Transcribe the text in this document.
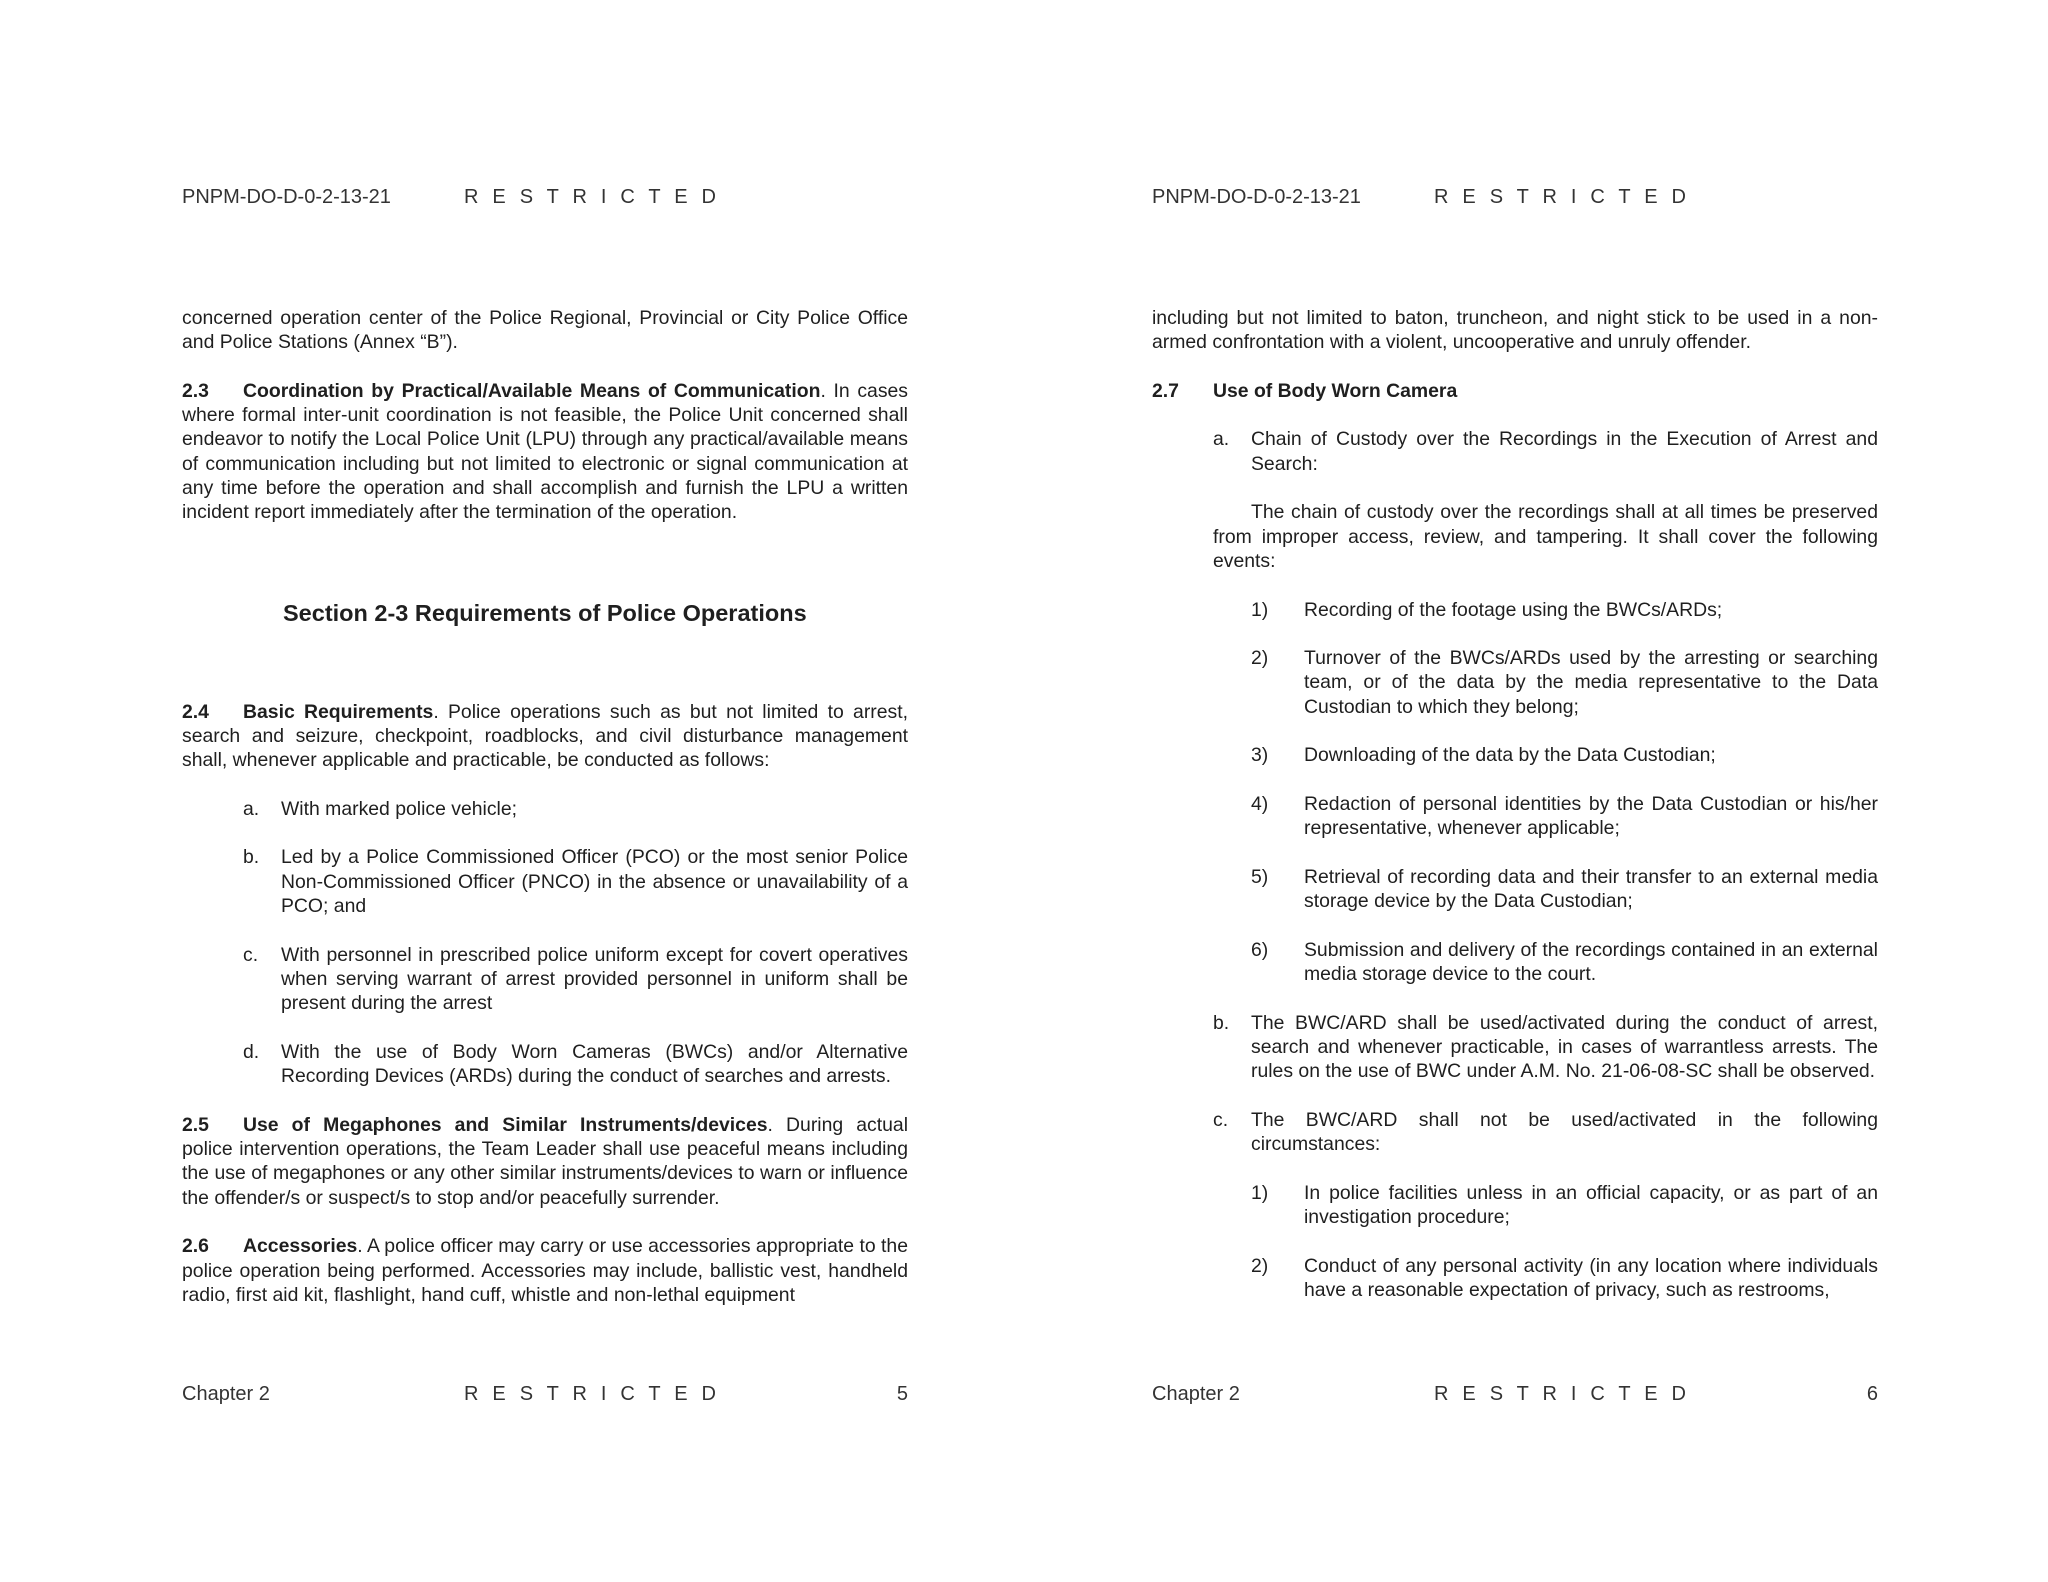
PNPM-DO-D-0-2-13-21	R E S T R I C T E D

concerned operation center of the Police Regional, Provincial or City Police Office and Police Stations (Annex “B”).

2.3 Coordination by Practical/Available Means of Communication. In cases where formal inter-unit coordination is not feasible, the Police Unit concerned shall endeavor to notify the Local Police Unit (LPU) through any practical/available means of communication including but not limited to electronic or signal communication at any time before the operation and shall accomplish and furnish the LPU a written incident report immediately after the termination of the operation.

Section 2-3 Requirements of Police Operations

2.4 Basic Requirements. Police operations such as but not limited to arrest, search and seizure, checkpoint, roadblocks, and civil disturbance management shall, whenever applicable and practicable, be conducted as follows:

a. With marked police vehicle;
b. Led by a Police Commissioned Officer (PCO) or the most senior Police Non-Commissioned Officer (PNCO) in the absence or unavailability of a PCO; and
c. With personnel in prescribed police uniform except for covert operatives when serving warrant of arrest provided personnel in uniform shall be present during the arrest
d. With the use of Body Worn Cameras (BWCs) and/or Alternative Recording Devices (ARDs) during the conduct of searches and arrests.

2.5 Use of Megaphones and Similar Instruments/devices. During actual police intervention operations, the Team Leader shall use peaceful means including the use of megaphones or any other similar instruments/devices to warn or influence the offender/s or suspect/s to stop and/or peacefully surrender.

2.6 Accessories. A police officer may carry or use accessories appropriate to the police operation being performed. Accessories may include, ballistic vest, handheld radio, first aid kit, flashlight, hand cuff, whistle and non-lethal equipment

Chapter 2	R E S T R I C T E D	5
PNPM-DO-D-0-2-13-21	R E S T R I C T E D

including but not limited to baton, truncheon, and night stick to be used in a non-armed confrontation with a violent, uncooperative and unruly offender.

2.7 Use of Body Worn Camera

a. Chain of Custody over the Recordings in the Execution of Arrest and Search:

The chain of custody over the recordings shall at all times be preserved from improper access, review, and tampering. It shall cover the following events:

1) Recording of the footage using the BWCs/ARDs;
2) Turnover of the BWCs/ARDs used by the arresting or searching team, or of the data by the media representative to the Data Custodian to which they belong;
3) Downloading of the data by the Data Custodian;
4) Redaction of personal identities by the Data Custodian or his/her representative, whenever applicable;
5) Retrieval of recording data and their transfer to an external media storage device by the Data Custodian;
6) Submission and delivery of the recordings contained in an external media storage device to the court.
b. The BWC/ARD shall be used/activated during the conduct of arrest, search and whenever practicable, in cases of warrantless arrests. The rules on the use of BWC under A.M. No. 21-06-08-SC shall be observed.
c. The BWC/ARD shall not be used/activated in the following circumstances:
1) In police facilities unless in an official capacity, or as part of an investigation procedure;
2) Conduct of any personal activity (in any location where individuals have a reasonable expectation of privacy, such as restrooms,
Chapter 2	R E S T R I C T E D	6
